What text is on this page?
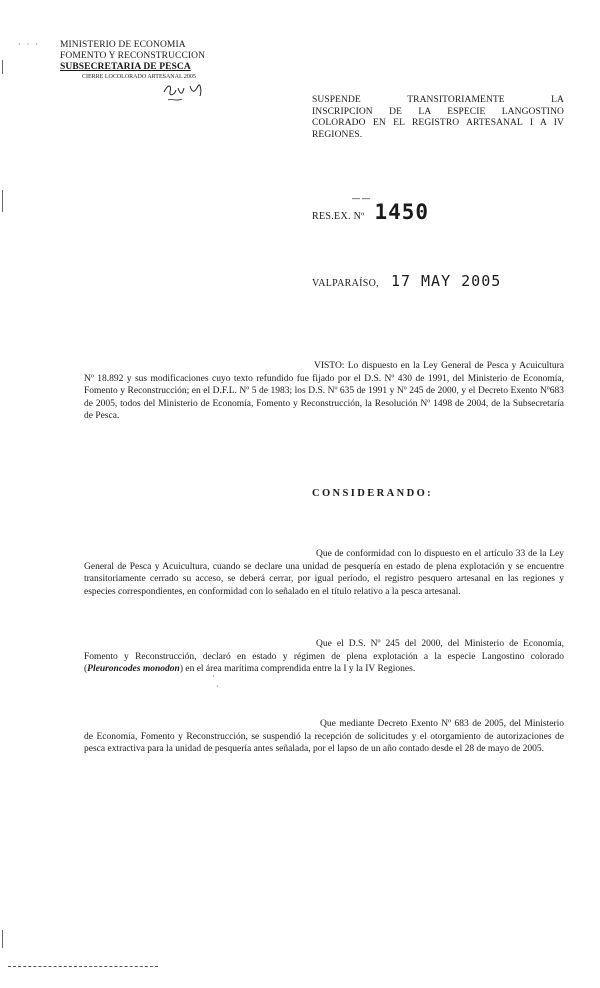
· · · MINISTERIO DE ECONOMIA
FOMENTO Y RECONSTRUCCION
SUBSECRETARIA DE PESCA
CIERRE LOCOLORADO ARTESANAL 2005
SUSPENDE	TRANSITORIAMENTE	LA
INSCRIPCION DE LA ESPECIE LANGOSTINO COLORADO EN EL REGISTRO ARTESANAL I A IV REGIONES.
— —
RES.EX. Nº 1450
VALPARAÍSO, 17 MAY 2005
VISTO: Lo dispuesto en la Ley General de Pesca y Acuicultura Nº 18.892 y sus modificaciones cuyo texto refundido fue fijado por el D.S. Nº 430 de 1991, del Ministerio de Economía, Fomento y Reconstrucción; en el D.F.L. Nº 5 de 1983; los D.S. Nº 635 de 1991 y Nº 245 de 2000, y el Decreto Exento Nº683 de 2005, todos del Ministerio de Economía, Fomento y Reconstrucción, la Resolución Nº 1498 de 2004, de la Subsecretaría de Pesca.
CONSIDERANDO:
Que de conformidad con lo dispuesto en el artículo 33 de la Ley General de Pesca y Acuicultura, cuando se declare una unidad de pesquería en estado de plena explotación y se encuentre transitoriamente cerrado su acceso, se deberá cerrar, por igual período, el registro pesquero artesanal en las regiones y especies correspondientes, en conformidad con lo señalado en el título relativo a la pesca artesanal.
Que el D.S. Nº 245 del 2000, del Ministerio de Economía, Fomento y Reconstrucción, declaró en estado y régimen de plena explotación a la especie Langostino colorado (Pleuroncodes monodon) en el área marítima comprendida entre la I y la IV Regiones.
Que mediante Decreto Exento Nº 683 de 2005, del Ministerio de Economía, Fomento y Reconstrucción, se suspendió la recepción de solicitudes y el otorgamiento de autorizaciones de pesca extractiva para la unidad de pesquería antes señalada, por el lapso de un año contado desde el 28 de mayo de 2005.
·
·
